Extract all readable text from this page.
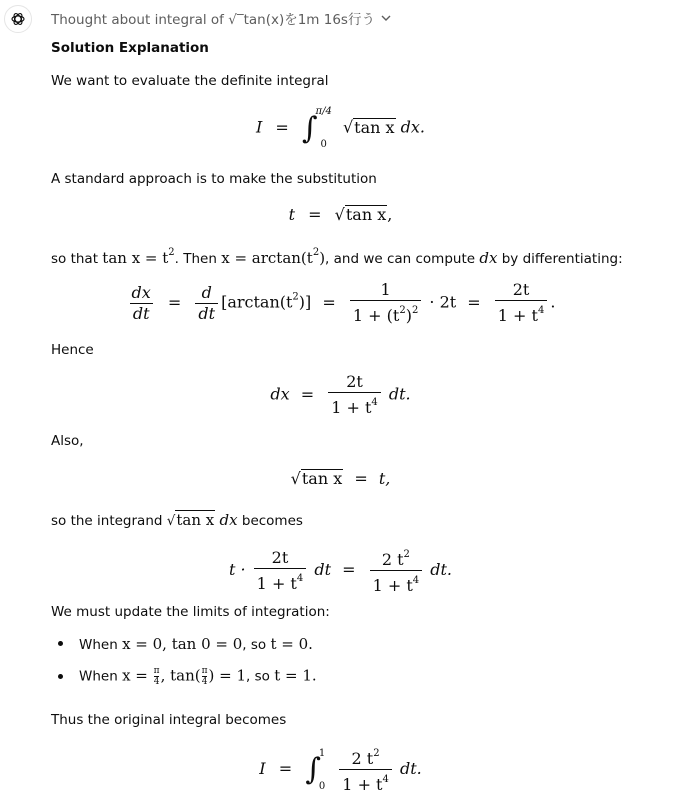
Thought about integral of √‾tan(x)を1m 16s行う
Solution Explanation
We want to evaluate the definite integral
I = ∫
π/4
0
√tan x dx.
A standard approach is to make the substitution
t = √tan x,
so that $\tan x = t^2$. Then $x = \arctan(t^2)$, and we can compute dx by differentiating:
$\frac{dx}{dt} = \frac{d}{dt} [\arctan(t^2)] = \frac{1}{1 + (t^2)^2} \cdot 2t = \frac{2t}{1 + t^4}$ .
Hence
dx = $\frac{2t}{1 + t^4}$ dt.
Also,
√tan x = t,
so the integrand √tan x dx becomes
$t \cdot \frac{2t}{1 + t^4}$ dt = $\frac{2 t^2}{1 + t^4}$ dt.
We must update the limits of integration:
When x = 0, tan 0 = 0, so t = 0.
When $x = \frac{\pi}{4}$ , $\tan( \frac{\pi}{4}$ ) = 1, so t = 1.
Thus the original integral becomes
I = ∫
1
0
$\frac{2 t^2}{1 + t^4}$ dt.
